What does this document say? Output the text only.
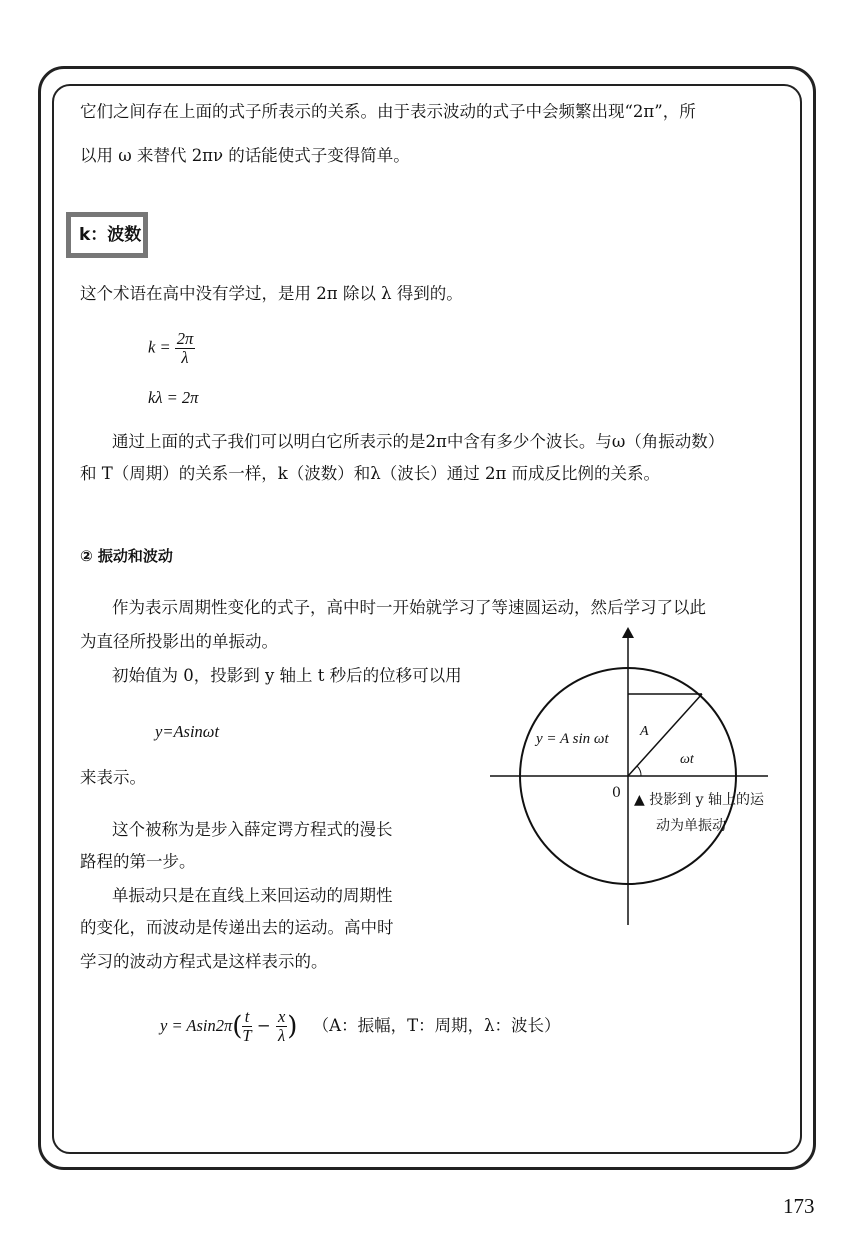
它们之间存在上面的式子所表示的关系。由于表示波动的式子中会频繁出现“2π”，所
以用 ω 来替代 2πν 的话能使式子变得简单。
k：波数
这个术语在高中没有学过，是用 2π 除以 λ 得到的。
$k = \frac{2\pi}{\lambda}$
kλ = 2π
通过上面的式子我们可以明白它所表示的是2π中含有多少个波长。与ω（角振动数）
和 T（周期）的关系一样，k（波数）和λ（波长）通过 2π 而成反比例的关系。
② 振动和波动
作为表示周期性变化的式子，高中时一开始就学习了等速圆运动，然后学习了以此
为直径所投影出的单振动。
初始值为 0，投影到 y 轴上 t 秒后的位移可以用
y=Asinωt
来表示。
这个被称为是步入薛定谔方程式的漫长
路程的第一步。
单振动只是在直线上来回运动的周期性
的变化，而波动是传递出去的运动。高中时
学习的波动方程式是这样表示的。
$y = Asin2\pi( \frac{t}{T} - \frac{x}{\lambda}$ ) （A：振幅，T：周期，λ：波长）
y = A sin ωt A
ωt
0 ▲ 投影到 y 轴上的运
动为单振动
173
